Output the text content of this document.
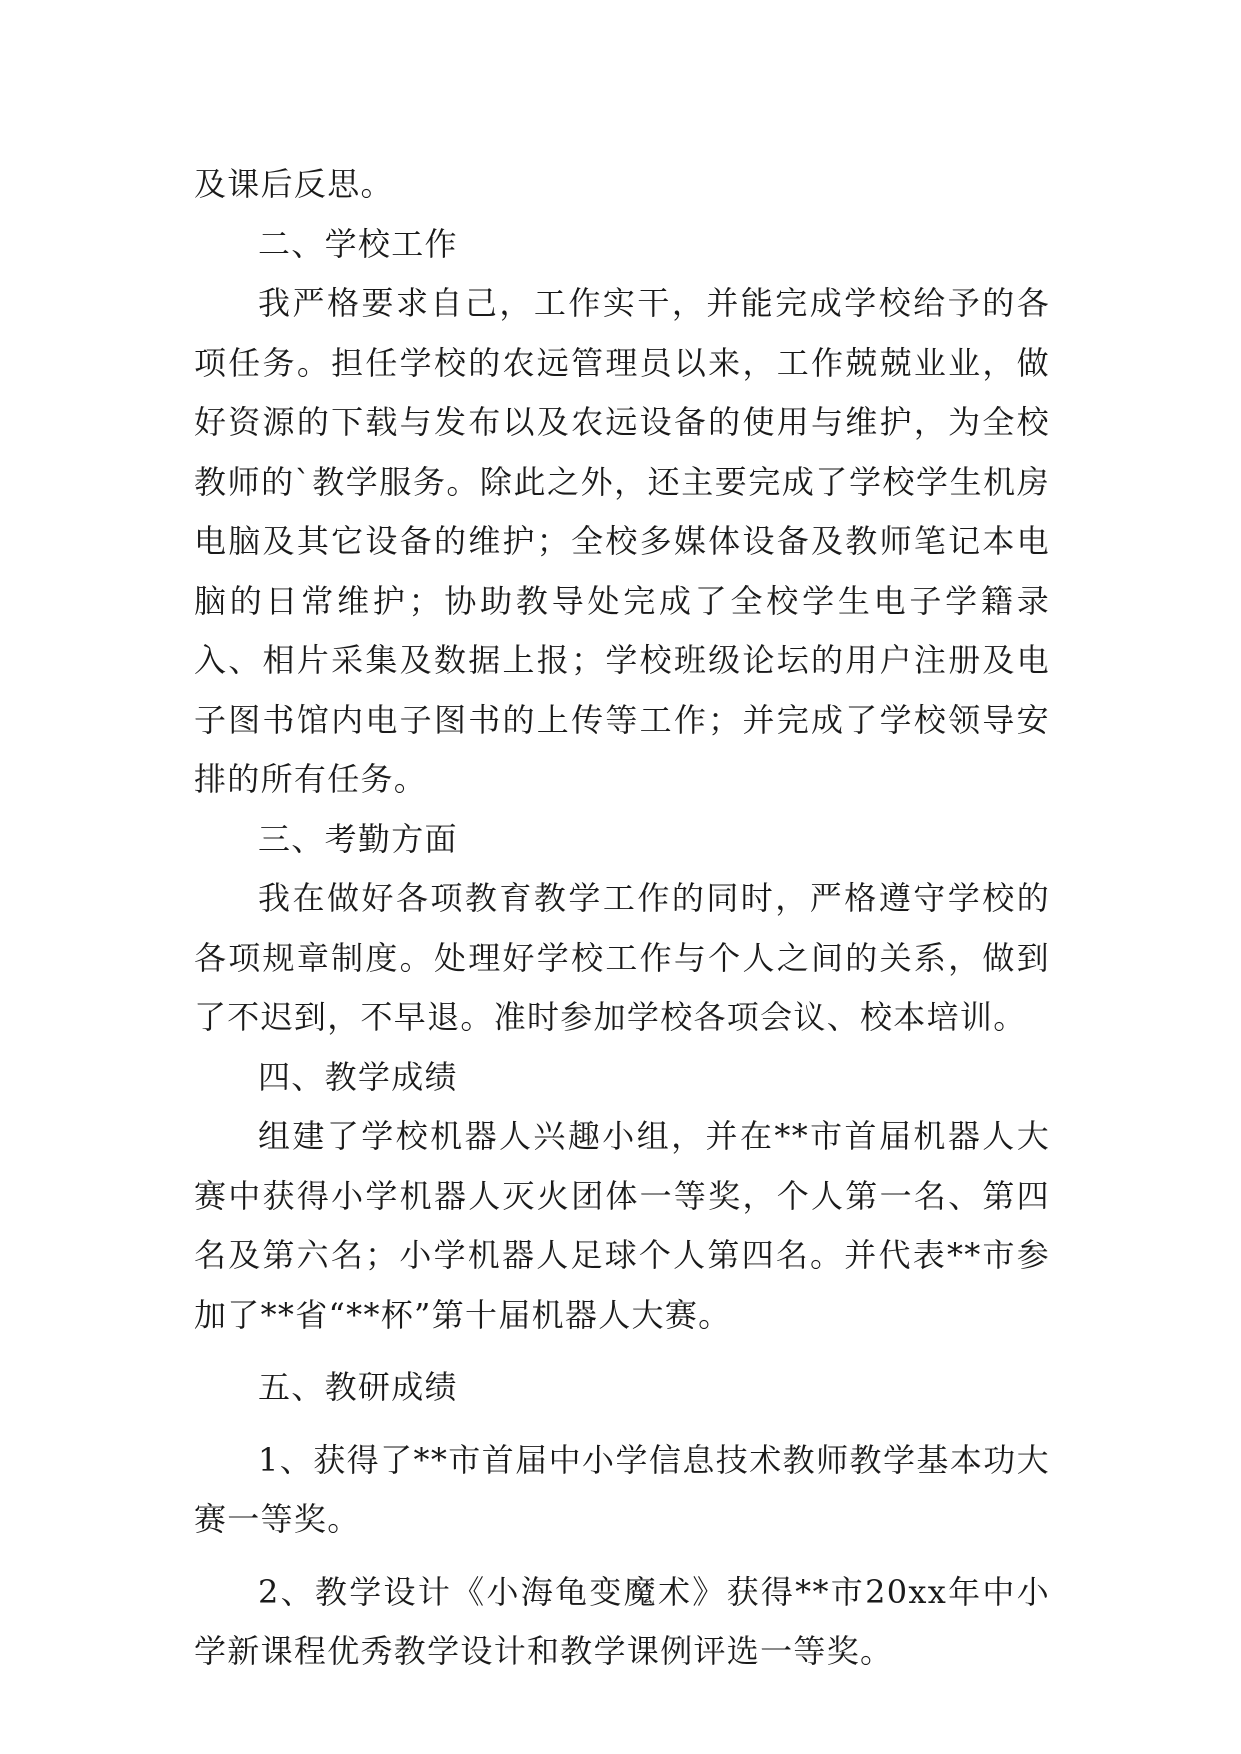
及课后反思。

二、学校工作

我严格要求自己，工作实干，并能完成学校给予的各项任务。担任学校的农远管理员以来，工作兢兢业业，做好资源的下载与发布以及农远设备的使用与维护，为全校教师的`教学服务。除此之外，还主要完成了学校学生机房电脑及其它设备的维护；全校多媒体设备及教师笔记本电脑的日常维护；协助教导处完成了全校学生电子学籍录入、相片采集及数据上报；学校班级论坛的用户注册及电子图书馆内电子图书的上传等工作；并完成了学校领导安排的所有任务。

三、考勤方面

我在做好各项教育教学工作的同时，严格遵守学校的各项规章制度。处理好学校工作与个人之间的关系，做到了不迟到，不早退。准时参加学校各项会议、校本培训。

四、教学成绩

组建了学校机器人兴趣小组，并在**市首届机器人大赛中获得小学机器人灭火团体一等奖，个人第一名、第四名及第六名；小学机器人足球个人第四名。并代表**市参加了**省“**杯”第十届机器人大赛。

五、教研成绩

1、获得了**市首届中小学信息技术教师教学基本功大赛一等奖。

2、教学设计《小海龟变魔术》获得**市20xx年中小学新课程优秀教学设计和教学课例评选一等奖。
